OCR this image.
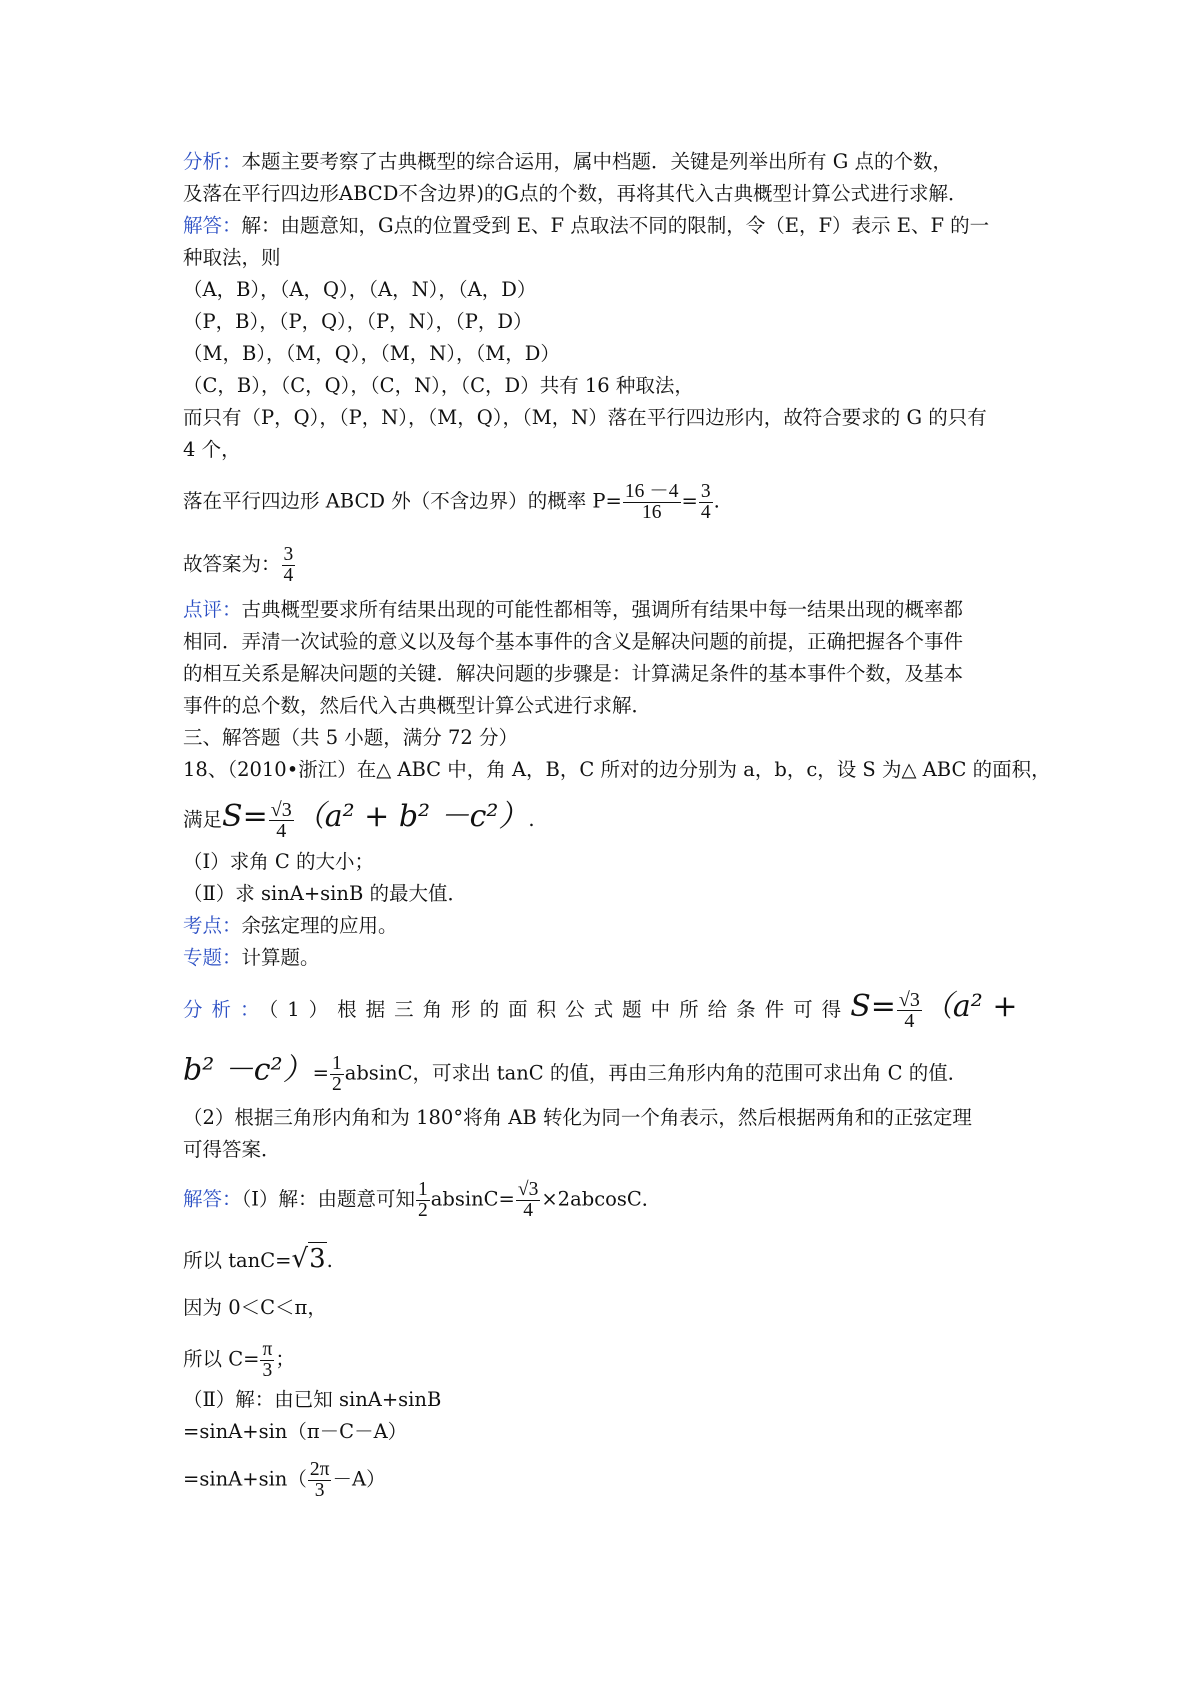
分析：本题主要考察了古典概型的综合运用，属中档题．关键是列举出所有 G 点的个数，
及落在平行四边形ABCD不含边界)的G点的个数，再将其代入古典概型计算公式进行求解．
解答：解：由题意知，G点的位置受到 E、F 点取法不同的限制，令（E，F）表示 E、F 的一
种取法，则
（A，B），（A，Q），（A，N），（A，D）
（P，B），（P，Q），（P，N），（P，D）
（M，B），（M，Q），（M，N），（M，D）
（C，B），（C，Q），（C，N），（C，D）共有 16 种取法，
而只有（P，Q），（P，N），（M，Q），（M，N）落在平行四边形内，故符合要求的 G 的只有
4 个，
落在平行四边形 ABCD 外（不含边界）的概率 $P= \frac{16 -4}{16} = \frac{3}{4}$ .
故答案为： $\frac{3}{4}$
点评：古典概型要求所有结果出现的可能性都相等，强调所有结果中每一结果出现的概率都
相同．弄清一次试验的意义以及每个基本事件的含义是解决问题的前提，正确把握各个事件
的相互关系是解决问题的关键．解决问题的步骤是：计算满足条件的基本事件个数，及基本
事件的总个数，然后代入古典概型计算公式进行求解．
三、解答题（共 5 小题，满分 72 分）
18、（2010•浙江）在△ ABC 中，角 A，B，C 所对的边分别为 a，b，c，设 S 为△ ABC 的面积，
满足$S= \frac{√3}{4} (a^2 + b^2 -c^2)$.
（Ⅰ）求角 C 的大小；
（Ⅱ）求 sinA+sinB 的最大值．
考点：余弦定理的应用。
专题：计算题。
分析：（1）根据三角形的面积公式题中所给条件可得$S= \frac{√3}{4} (a^2$ +
$b^2 -c^2)= \frac{1}{2}$ absinC，可求出 tanC 的值，再由三角形内角的范围可求出角 C 的值．
（2）根据三角形内角和为 180°将角 AB 转化为同一个角表示，然后根据两角和的正弦定理
可得答案．
解答：（Ⅰ）解：由题意可知 $\frac{1}{2} absinC= \frac{√3}{4} \times 2abcosC$．
所以 tanC=√3.
因为 0＜C＜π，
所以 $C= \frac{\pi}{3}$ ；
（Ⅱ）解：由已知 sinA+sinB
=sinA+sin（π－C－A）
$=\sin A+\sin( \frac{2\pi}{3} -A)$
